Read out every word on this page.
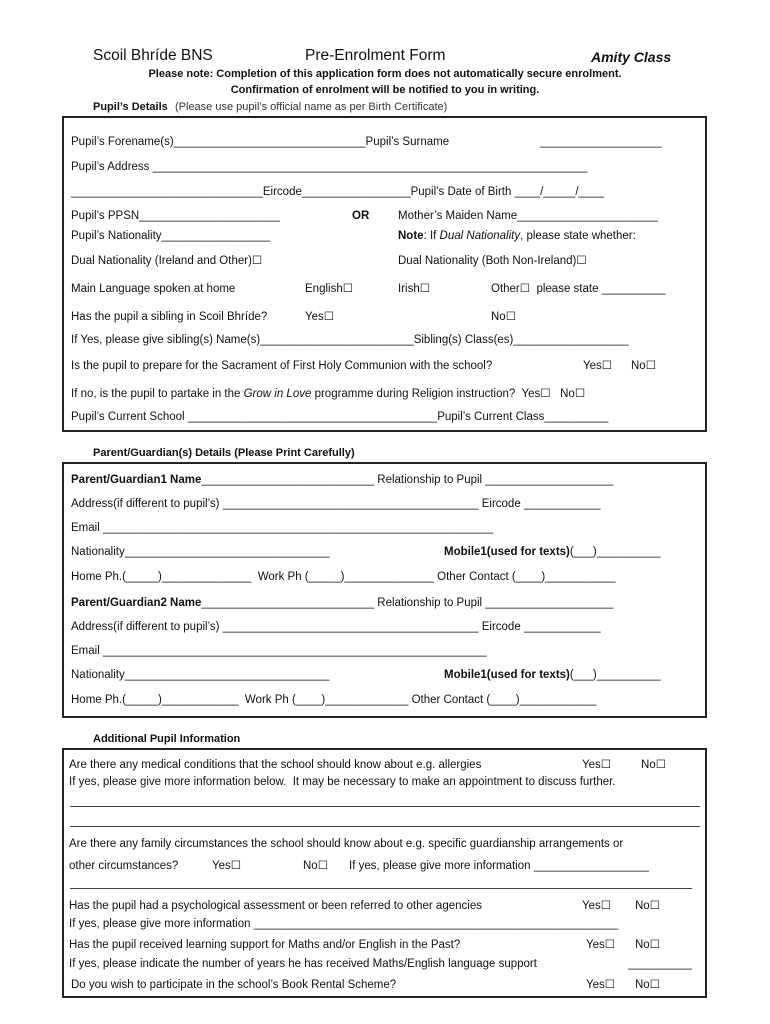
Scoil Bhríde BNS	Pre-Enrolment Form	Amity Class
Please note: Completion of this application form does not automatically secure enrolment.
Confirmation of enrolment will be notified to you in writing.
Pupil’s Details (Please use pupil’s official name as per Birth Certificate)
Pupil’s Forename(s)______________________________Pupil’s Surname	___________________
Pupil’s Address ____________________________________________________________________
______________________________Eircode_________________Pupil’s Date of Birth ____/_____/____
Pupil’s PPSN______________________	OR	Mother’s Maiden Name______________________
Pupil’s Nationality_________________	Note: If Dual Nationality, please state whether:
Dual Nationality (Ireland and Other)☐	Dual Nationality (Both Non-Ireland)☐
Main Language spoken at home	English☐	Irish☐	Other☐  please state __________
Has the pupil a sibling in Scoil Bhríde?	Yes☐	No☐
If Yes, please give sibling(s) Name(s)________________________Sibling(s) Class(es)__________________
Is the pupil to prepare for the Sacrament of First Holy Communion with the school?	Yes☐ No☐
If no, is the pupil to partake in the Grow in Love programme during Religion instruction?  Yes☐   No☐
Pupil’s Current School _______________________________________Pupil’s Current Class__________
Parent/Guardian(s) Details (Please Print Carefully)
Parent/Guardian1 Name___________________________ Relationship to Pupil ____________________
Address(if different to pupil’s) ________________________________________ Eircode ____________
Email _____________________________________________________________
Nationality________________________________	Mobile1(used for texts)(___)__________
Home Ph.(_____)______________  Work Ph (_____)______________ Other Contact (____)___________
Parent/Guardian2 Name___________________________ Relationship to Pupil ____________________
Address(if different to pupil’s) ________________________________________ Eircode ____________
Email ____________________________________________________________
Nationality________________________________	Mobile1(used for texts)(___)__________
Home Ph.(_____)____________  Work Ph (____)_____________ Other Contact (____)____________
Additional Pupil Information
Are there any medical conditions that the school should know about e.g. allergies	Yes☐	No☐
If yes, please give more information below.  It may be necessary to make an appointment to discuss further.
Are there any family circumstances the school should know about e.g. specific guardianship arrangements or
other circumstances?	Yes☐	No☐ If yes, please give more information __________________
Has the pupil had a psychological assessment or been referred to other agencies	Yes☐ No☐
If yes, please give more information _________________________________________________________
Has the pupil received learning support for Maths and/or English in the Past?	Yes☐ No☐
If yes, please indicate the number of years he has received Maths/English language support	__________
Do you wish to participate in the school’s Book Rental Scheme?	Yes☐ No☐
